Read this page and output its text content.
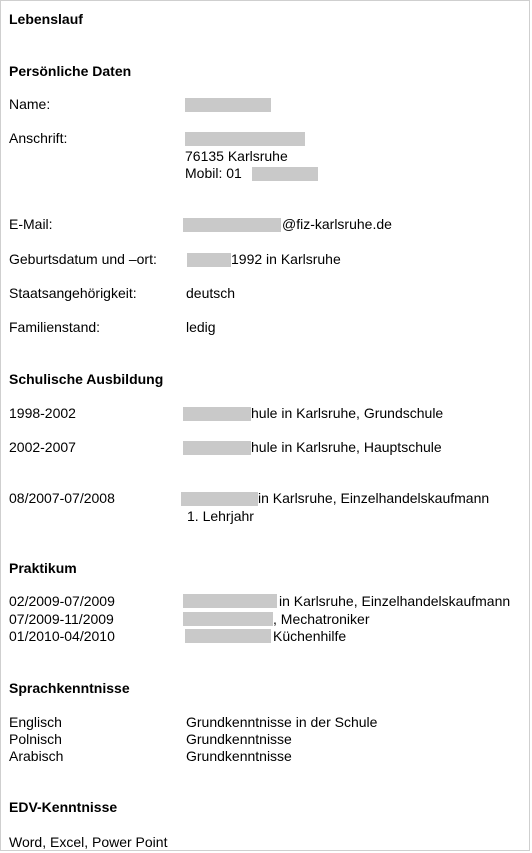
Lebenslauf
Persönliche Daten
Name:
Anschrift:
76135 Karlsruhe
Mobil: 01
E-Mail:	@fiz-karlsruhe.de
Geburtsdatum und –ort:	1992 in Karlsruhe
Staatsangehörigkeit:	deutsch
Familienstand:	ledig
Schulische Ausbildung
1998-2002	hule in Karlsruhe, Grundschule
2002-2007	hule in Karlsruhe, Hauptschule
08/2007-07/2008	in Karlsruhe, Einzelhandelskaufmann
1. Lehrjahr
Praktikum
02/2009-07/2009	in Karlsruhe, Einzelhandelskaufmann
07/2009-11/2009	, Mechatroniker
01/2010-04/2010	Küchenhilfe
Sprachkenntnisse
Englisch	Grundkenntnisse in der Schule
Polnisch	Grundkenntnisse
Arabisch	Grundkenntnisse
EDV-Kenntnisse
Word, Excel, Power Point
